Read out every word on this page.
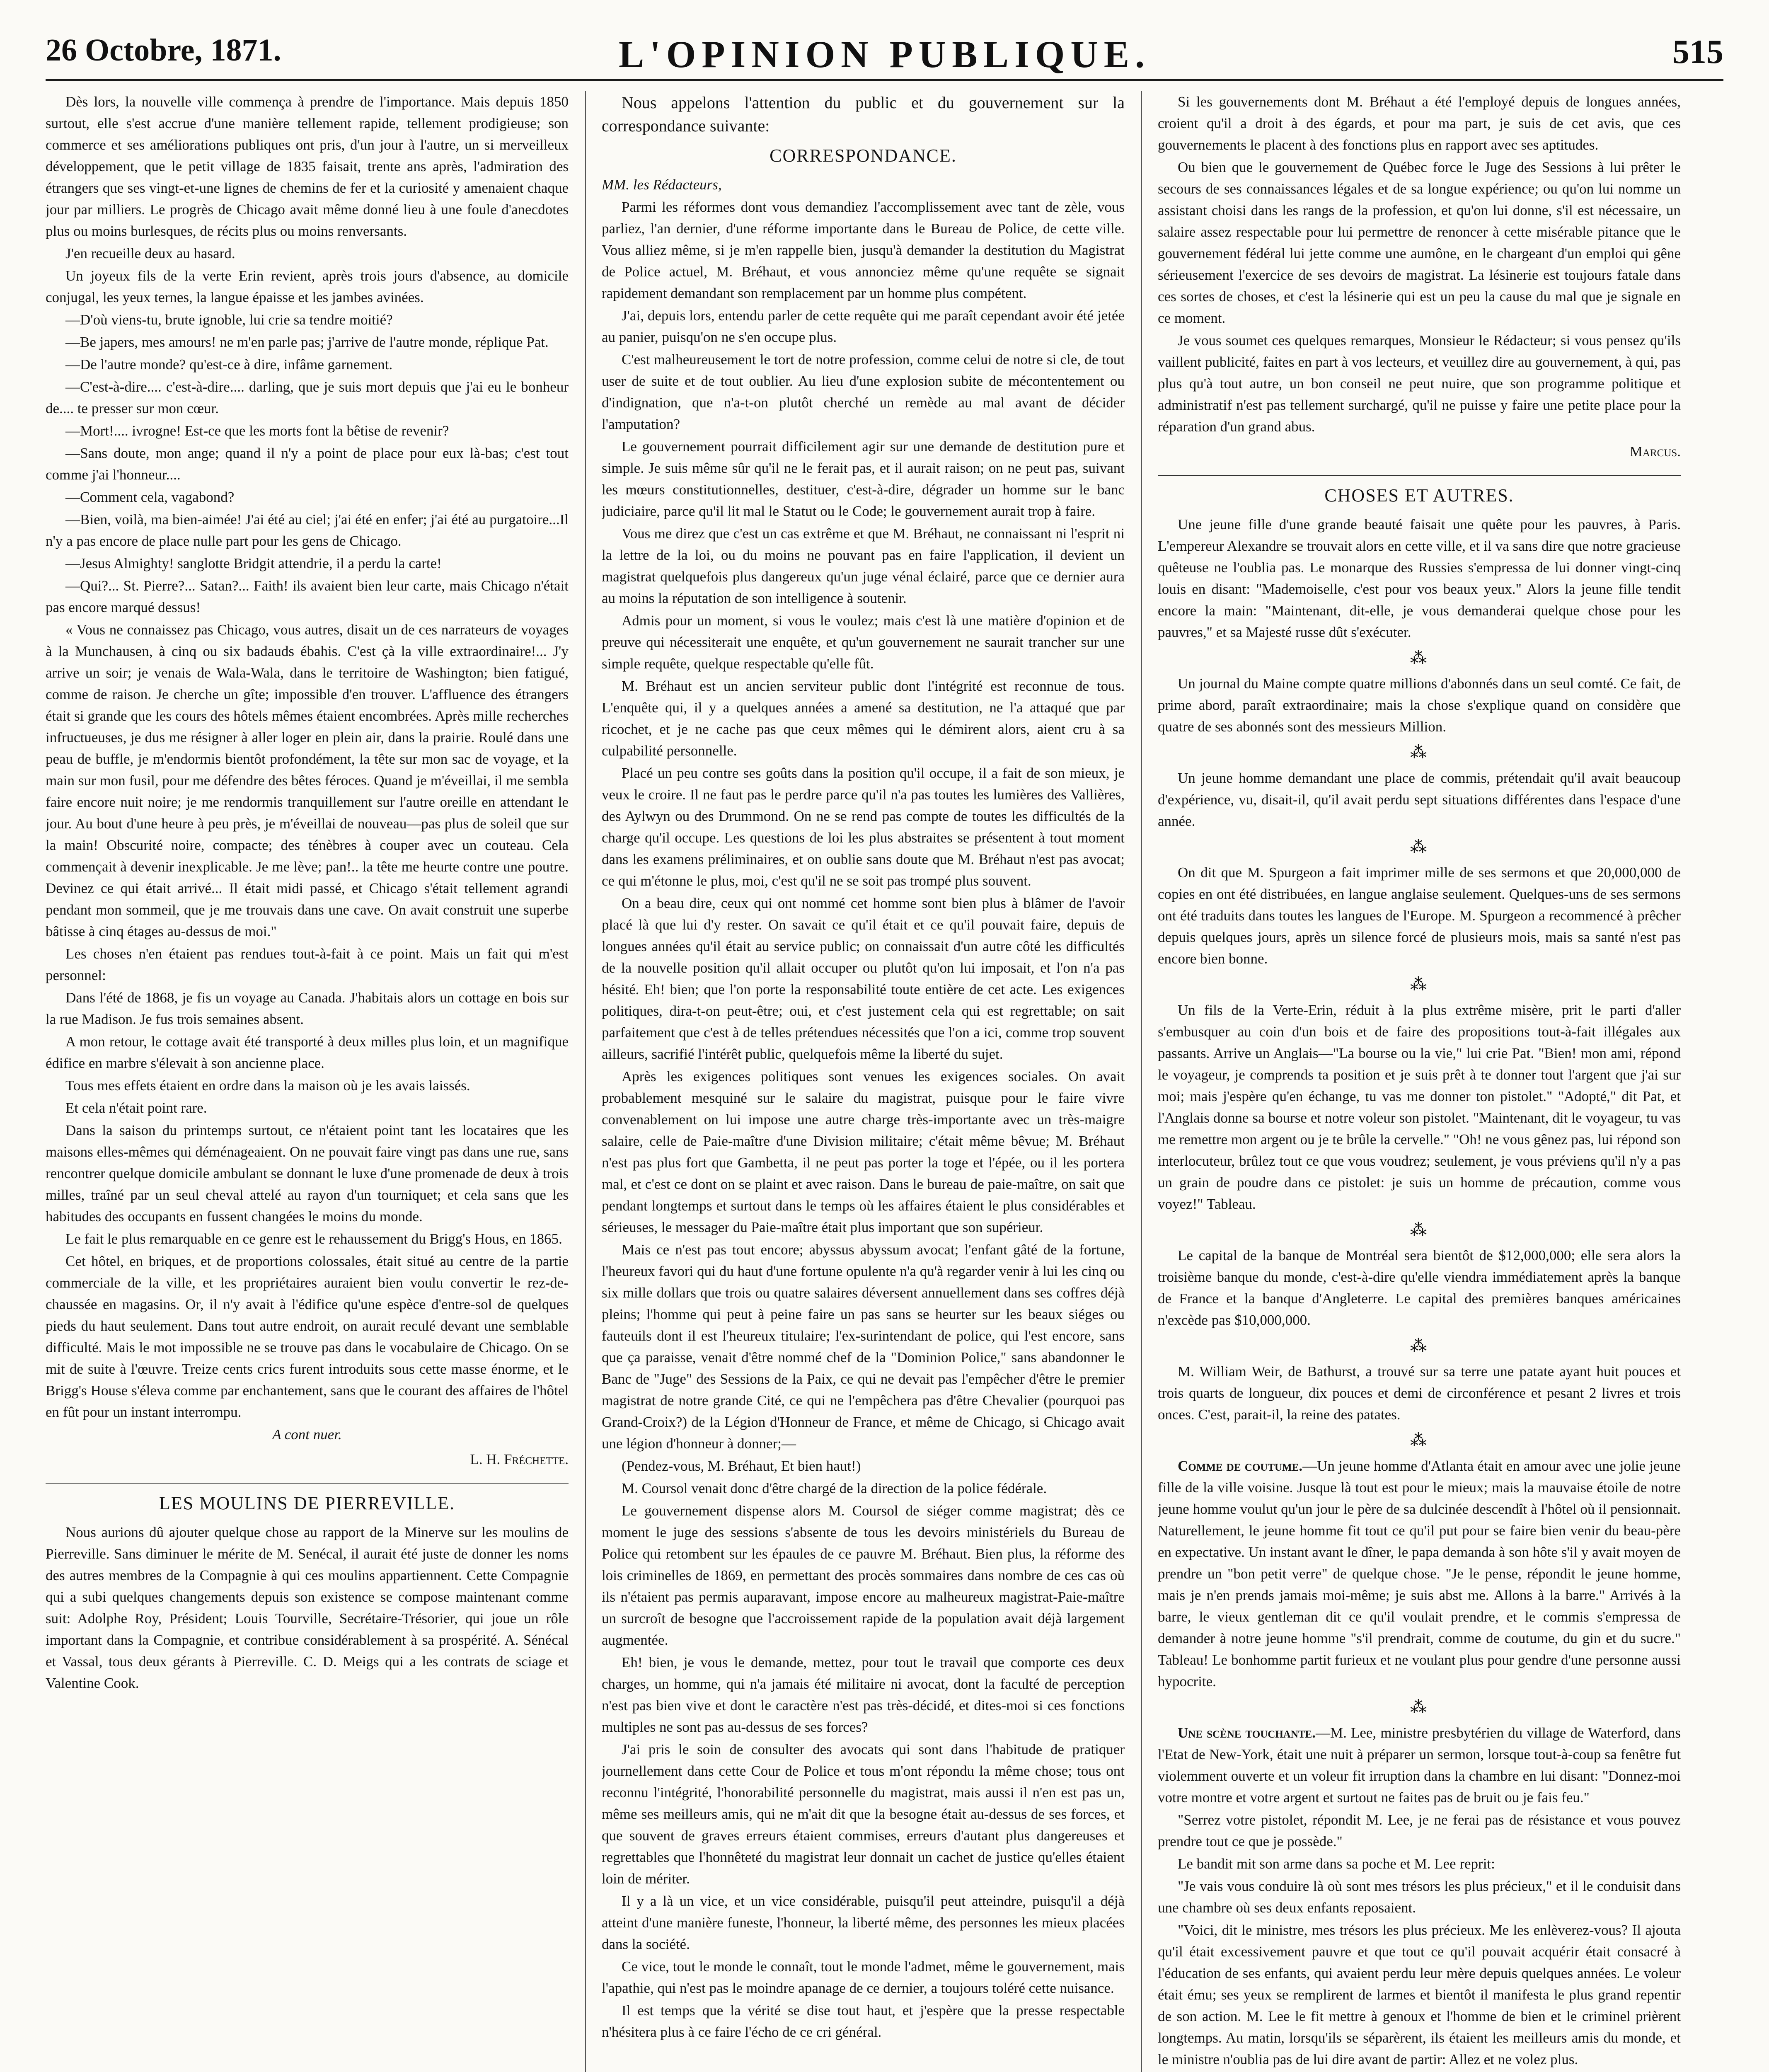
26 Octobre, 1871.	L'OPINION PUBLIQUE.	515

Dès lors, la nouvelle ville commença à prendre de l'importance. Mais depuis 1850 surtout, elle s'est accrue d'une manière tellement rapide, tellement prodigieuse; son commerce et ses améliorations publiques ont pris, d'un jour à l'autre, un si merveilleux développement, que le petit village de 1835 faisait, trente ans après, l'admiration des étrangers que ses vingt-et-une lignes de chemins de fer et la curiosité y amenaient chaque jour par milliers. Le progrès de Chicago avait même donné lieu à une foule d'anecdotes plus ou moins burlesques, de récits plus ou moins renversants.

J'en recueille deux au hasard.

Un joyeux fils de la verte Erin revient, après trois jours d'absence, au domicile conjugal, les yeux ternes, la langue épaisse et les jambes avinées.

—D'où viens-tu, brute ignoble, lui crie sa tendre moitié?

—Be japers, mes amours! ne m'en parle pas; j'arrive de l'autre monde, réplique Pat.

—De l'autre monde? qu'est-ce à dire, infâme garnement.

—C'est-à-dire.... c'est-à-dire.... darling, que je suis mort depuis que j'ai eu le bonheur de.... te presser sur mon cœur.

—Mort!.... ivrogne! Est-ce que les morts font la bêtise de revenir?

—Sans doute, mon ange; quand il n'y a point de place pour eux là-bas; c'est tout comme j'ai l'honneur....

—Comment cela, vagabond?

—Bien, voilà, ma bien-aimée! J'ai été au ciel; j'ai été en enfer; j'ai été au purgatoire...Il n'y a pas encore de place nulle part pour les gens de Chicago.

—Jesus Almighty! sanglotte Bridgit attendrie, il a perdu la carte!

—Qui?... St. Pierre?... Satan?... Faith! ils avaient bien leur carte, mais Chicago n'était pas encore marqué dessus!

« Vous ne connaissez pas Chicago, vous autres, disait un de ces narrateurs de voyages à la Munchausen, à cinq ou six badauds ébahis. C'est çà la ville extraordinaire!... J'y arrive un soir; je venais de Wala-Wala, dans le territoire de Washington; bien fatigué, comme de raison. Je cherche un gîte; impossible d'en trouver. L'affluence des étrangers était si grande que les cours des hôtels mêmes étaient encombrées. Après mille recherches infructueuses, je dus me résigner à aller loger en plein air, dans la prairie. Roulé dans une peau de buffle, je m'endormis bientôt profondément, la tête sur mon sac de voyage, et la main sur mon fusil, pour me défendre des bêtes féroces. Quand je m'éveillai, il me sembla faire encore nuit noire; je me rendormis tranquillement sur l'autre oreille en attendant le jour. Au bout d'une heure à peu près, je m'éveillai de nouveau—pas plus de soleil que sur la main! Obscurité noire, compacte; des ténèbres à couper avec un couteau. Cela commençait à devenir inexplicable. Je me lève; pan!.. la tête me heurte contre une poutre. Devinez ce qui était arrivé... Il était midi passé, et Chicago s'était tellement agrandi pendant mon sommeil, que je me trouvais dans une cave. On avait construit une superbe bâtisse à cinq étages au-dessus de moi."

Les choses n'en étaient pas rendues tout-à-fait à ce point. Mais un fait qui m'est personnel:

Dans l'été de 1868, je fis un voyage au Canada. J'habitais alors un cottage en bois sur la rue Madison. Je fus trois semaines absent.

A mon retour, le cottage avait été transporté à deux milles plus loin, et un magnifique édifice en marbre s'élevait à son ancienne place.

Tous mes effets étaient en ordre dans la maison où je les avais laissés.

Et cela n'était point rare.

Dans la saison du printemps surtout, ce n'étaient point tant les locataires que les maisons elles-mêmes qui déménageaient. On ne pouvait faire vingt pas dans une rue, sans rencontrer quelque domicile ambulant se donnant le luxe d'une promenade de deux à trois milles, traîné par un seul cheval attelé au rayon d'un tourniquet; et cela sans que les habitudes des occupants en fussent changées le moins du monde.

Le fait le plus remarquable en ce genre est le rehaussement du Brigg's Hous, en 1865.

Cet hôtel, en briques, et de proportions colossales, était situé au centre de la partie commerciale de la ville, et les propriétaires auraient bien voulu convertir le rez-de-chaussée en magasins. Or, il n'y avait à l'édifice qu'une espèce d'entre-sol de quelques pieds du haut seulement. Dans tout autre endroit, on aurait reculé devant une semblable difficulté. Mais le mot impossible ne se trouve pas dans le vocabulaire de Chicago. On se mit de suite à l'œuvre. Treize cents crics furent introduits sous cette masse énorme, et le Brigg's House s'éleva comme par enchantement, sans que le courant des affaires de l'hôtel en fût pour un instant interrompu.

A cont nuer.

L. H. Fréchette.

LES MOULINS DE PIERREVILLE.

Nous aurions dû ajouter quelque chose au rapport de la Minerve sur les moulins de Pierreville. Sans diminuer le mérite de M. Senécal, il aurait été juste de donner les noms des autres membres de la Compagnie à qui ces moulins appartiennent. Cette Compagnie qui a subi quelques changements depuis son existence se compose maintenant comme suit: Adolphe Roy, Président; Louis Tourville, Secrétaire-Trésorier, qui joue un rôle important dans la Compagnie, et contribue considérablement à sa prospérité. A. Sénécal et Vassal, tous deux gérants à Pierreville. C. D. Meigs qui a les contrats de sciage et Valentine Cook.

Nous appelons l'attention du public et du gouvernement sur la correspondance suivante:

CORRESPONDANCE.

MM. les Rédacteurs,

Parmi les réformes dont vous demandiez l'accomplissement avec tant de zèle, vous parliez, l'an dernier, d'une réforme importante dans le Bureau de Police, de cette ville. Vous alliez même, si je m'en rappelle bien, jusqu'à demander la destitution du Magistrat de Police actuel, M. Bréhaut, et vous annonciez même qu'une requête se signait rapidement demandant son remplacement par un homme plus compétent.

J'ai, depuis lors, entendu parler de cette requête qui me paraît cependant avoir été jetée au panier, puisqu'on ne s'en occupe plus.

C'est malheureusement le tort de notre profession, comme celui de notre si cle, de tout user de suite et de tout oublier. Au lieu d'une explosion subite de mécontentement ou d'indignation, que n'a-t-on plutôt cherché un remède au mal avant de décider l'amputation?

Le gouvernement pourrait difficilement agir sur une demande de destitution pure et simple. Je suis même sûr qu'il ne le ferait pas, et il aurait raison; on ne peut pas, suivant les mœurs constitutionnelles, destituer, c'est-à-dire, dégrader un homme sur le banc judiciaire, parce qu'il lit mal le Statut ou le Code; le gouvernement aurait trop à faire.

Vous me direz que c'est un cas extrême et que M. Bréhaut, ne connaissant ni l'esprit ni la lettre de la loi, ou du moins ne pouvant pas en faire l'application, il devient un magistrat quelquefois plus dangereux qu'un juge vénal éclairé, parce que ce dernier aura au moins la réputation de son intelligence à soutenir.

Admis pour un moment, si vous le voulez; mais c'est là une matière d'opinion et de preuve qui nécessiterait une enquête, et qu'un gouvernement ne saurait trancher sur une simple requête, quelque respectable qu'elle fût.

M. Bréhaut est un ancien serviteur public dont l'intégrité est reconnue de tous. L'enquête qui, il y a quelques années a amené sa destitution, ne l'a attaqué que par ricochet, et je ne cache pas que ceux mêmes qui le démirent alors, aient cru à sa culpabilité personnelle.

Placé un peu contre ses goûts dans la position qu'il occupe, il a fait de son mieux, je veux le croire. Il ne faut pas le perdre parce qu'il n'a pas toutes les lumières des Vallières, des Aylwyn ou des Drummond. On ne se rend pas compte de toutes les difficultés de la charge qu'il occupe. Les questions de loi les plus abstraites se présentent à tout moment dans les examens préliminaires, et on oublie sans doute que M. Bréhaut n'est pas avocat; ce qui m'étonne le plus, moi, c'est qu'il ne se soit pas trompé plus souvent.

On a beau dire, ceux qui ont nommé cet homme sont bien plus à blâmer de l'avoir placé là que lui d'y rester. On savait ce qu'il était et ce qu'il pouvait faire, depuis de longues années qu'il était au service public; on connaissait d'un autre côté les difficultés de la nouvelle position qu'il allait occuper ou plutôt qu'on lui imposait, et l'on n'a pas hésité. Eh! bien; que l'on porte la responsabilité toute entière de cet acte. Les exigences politiques, dira-t-on peut-être; oui, et c'est justement cela qui est regrettable; on sait parfaitement que c'est à de telles prétendues nécessités que l'on a ici, comme trop souvent ailleurs, sacrifié l'intérêt public, quelquefois même la liberté du sujet.

Après les exigences politiques sont venues les exigences sociales. On avait probablement mesquiné sur le salaire du magistrat, puisque pour le faire vivre convenablement on lui impose une autre charge très-importante avec un très-maigre salaire, celle de Paie-maître d'une Division militaire; c'était même bêvue; M. Bréhaut n'est pas plus fort que Gambetta, il ne peut pas porter la toge et l'épée, ou il les portera mal, et c'est ce dont on se plaint et avec raison. Dans le bureau de paie-maître, on sait que pendant longtemps et surtout dans le temps où les affaires étaient le plus considérables et sérieuses, le messager du Paie-maître était plus important que son supérieur.

Mais ce n'est pas tout encore; abyssus abyssum avocat; l'enfant gâté de la fortune, l'heureux favori qui du haut d'une fortune opulente n'a qu'à regarder venir à lui les cinq ou six mille dollars que trois ou quatre salaires déversent annuellement dans ses coffres déjà pleins; l'homme qui peut à peine faire un pas sans se heurter sur les beaux siéges ou fauteuils dont il est l'heureux titulaire; l'ex-surintendant de police, qui l'est encore, sans que ça paraisse, venait d'être nommé chef de la "Dominion Police," sans abandonner le Banc de "Juge" des Sessions de la Paix, ce qui ne devait pas l'empêcher d'être le premier magistrat de notre grande Cité, ce qui ne l'empêchera pas d'être Chevalier (pourquoi pas Grand-Croix?) de la Légion d'Honneur de France, et même de Chicago, si Chicago avait une légion d'honneur à donner;—

(Pendez-vous, M. Bréhaut, Et bien haut!)

M. Coursol venait donc d'être chargé de la direction de la police fédérale.

Le gouvernement dispense alors M. Coursol de siéger comme magistrat; dès ce moment le juge des sessions s'absente de tous les devoirs ministériels du Bureau de Police qui retombent sur les épaules de ce pauvre M. Bréhaut. Bien plus, la réforme des lois criminelles de 1869, en permettant des procès sommaires dans nombre de ces cas où ils n'étaient pas permis auparavant, impose encore au malheureux magistrat-Paie-maître un surcroît de besogne que l'accroissement rapide de la population avait déjà largement augmentée.

Eh! bien, je vous le demande, mettez, pour tout le travail que comporte ces deux charges, un homme, qui n'a jamais été militaire ni avocat, dont la faculté de perception n'est pas bien vive et dont le caractère n'est pas très-décidé, et dites-moi si ces fonctions multiples ne sont pas au-dessus de ses forces?

J'ai pris le soin de consulter des avocats qui sont dans l'habitude de pratiquer journellement dans cette Cour de Police et tous m'ont répondu la même chose; tous ont reconnu l'intégrité, l'honorabilité personnelle du magistrat, mais aussi il n'en est pas un, même ses meilleurs amis, qui ne m'ait dit que la besogne était au-dessus de ses forces, et que souvent de graves erreurs étaient commises, erreurs d'autant plus dangereuses et regrettables que l'honnêteté du magistrat leur donnait un cachet de justice qu'elles étaient loin de mériter.

Il y a là un vice, et un vice considérable, puisqu'il peut atteindre, puisqu'il a déjà atteint d'une manière funeste, l'honneur, la liberté même, des personnes les mieux placées dans la société.

Ce vice, tout le monde le connaît, tout le monde l'admet, même le gouvernement, mais l'apathie, qui n'est pas le moindre apanage de ce dernier, a toujours toléré cette nuisance.

Il est temps que la vérité se dise tout haut, et j'espère que la presse respectable n'hésitera plus à ce faire l'écho de ce cri général.

Si les gouvernements dont M. Bréhaut a été l'employé depuis de longues années, croient qu'il a droit à des égards, et pour ma part, je suis de cet avis, que ces gouvernements le placent à des fonctions plus en rapport avec ses aptitudes.

Ou bien que le gouvernement de Québec force le Juge des Sessions à lui prêter le secours de ses connaissances légales et de sa longue expérience; ou qu'on lui nomme un assistant choisi dans les rangs de la profession, et qu'on lui donne, s'il est nécessaire, un salaire assez respectable pour lui permettre de renoncer à cette misérable pitance que le gouvernement fédéral lui jette comme une aumône, en le chargeant d'un emploi qui gêne sérieusement l'exercice de ses devoirs de magistrat. La lésinerie est toujours fatale dans ces sortes de choses, et c'est la lésinerie qui est un peu la cause du mal que je signale en ce moment.

Je vous soumet ces quelques remarques, Monsieur le Rédacteur; si vous pensez qu'ils vaillent publicité, faites en part à vos lecteurs, et veuillez dire au gouvernement, à qui, pas plus qu'à tout autre, un bon conseil ne peut nuire, que son programme politique et administratif n'est pas tellement surchargé, qu'il ne puisse y faire une petite place pour la réparation d'un grand abus.

Marcus.

CHOSES ET AUTRES.

Une jeune fille d'une grande beauté faisait une quête pour les pauvres, à Paris. L'empereur Alexandre se trouvait alors en cette ville, et il va sans dire que notre gracieuse quêteuse ne l'oublia pas. Le monarque des Russies s'empressa de lui donner vingt-cinq louis en disant: "Mademoiselle, c'est pour vos beaux yeux." Alors la jeune fille tendit encore la main: "Maintenant, dit-elle, je vous demanderai quelque chose pour les pauvres," et sa Majesté russe dût s'exécuter.

⁂

Un journal du Maine compte quatre millions d'abonnés dans un seul comté. Ce fait, de prime abord, paraît extraordinaire; mais la chose s'explique quand on considère que quatre de ses abonnés sont des messieurs Million.

⁂

Un jeune homme demandant une place de commis, prétendait qu'il avait beaucoup d'expérience, vu, disait-il, qu'il avait perdu sept situations différentes dans l'espace d'une année.

⁂

On dit que M. Spurgeon a fait imprimer mille de ses sermons et que 20,000,000 de copies en ont été distribuées, en langue anglaise seulement. Quelques-uns de ses sermons ont été traduits dans toutes les langues de l'Europe. M. Spurgeon a recommencé à prêcher depuis quelques jours, après un silence forcé de plusieurs mois, mais sa santé n'est pas encore bien bonne.

⁂

Un fils de la Verte-Erin, réduit à la plus extrême misère, prit le parti d'aller s'embusquer au coin d'un bois et de faire des propositions tout-à-fait illégales aux passants. Arrive un Anglais—"La bourse ou la vie," lui crie Pat. "Bien! mon ami, répond le voyageur, je comprends ta position et je suis prêt à te donner tout l'argent que j'ai sur moi; mais j'espère qu'en échange, tu vas me donner ton pistolet." "Adopté," dit Pat, et l'Anglais donne sa bourse et notre voleur son pistolet. "Maintenant, dit le voyageur, tu vas me remettre mon argent ou je te brûle la cervelle." "Oh! ne vous gênez pas, lui répond son interlocuteur, brûlez tout ce que vous voudrez; seulement, je vous préviens qu'il n'y a pas un grain de poudre dans ce pistolet: je suis un homme de précaution, comme vous voyez!" Tableau.

⁂

Le capital de la banque de Montréal sera bientôt de $12,000,000; elle sera alors la troisième banque du monde, c'est-à-dire qu'elle viendra immédiatement après la banque de France et la banque d'Angleterre. Le capital des premières banques américaines n'excède pas $10,000,000.

⁂

M. William Weir, de Bathurst, a trouvé sur sa terre une patate ayant huit pouces et trois quarts de longueur, dix pouces et demi de circonférence et pesant 2 livres et trois onces. C'est, parait-il, la reine des patates.

⁂

Comme de coutume.—Un jeune homme d'Atlanta était en amour avec une jolie jeune fille de la ville voisine. Jusque là tout est pour le mieux; mais la mauvaise étoile de notre jeune homme voulut qu'un jour le père de sa dulcinée descendît à l'hôtel où il pensionnait. Naturellement, le jeune homme fit tout ce qu'il put pour se faire bien venir du beau-père en expectative. Un instant avant le dîner, le papa demanda à son hôte s'il y avait moyen de prendre un "bon petit verre" de quelque chose. "Je le pense, répondit le jeune homme, mais je n'en prends jamais moi-même; je suis abst me. Allons à la barre." Arrivés à la barre, le vieux gentleman dit ce qu'il voulait prendre, et le commis s'empressa de demander à notre jeune homme "s'il prendrait, comme de coutume, du gin et du sucre." Tableau! Le bonhomme partit furieux et ne voulant plus pour gendre d'une personne aussi hypocrite.

⁂

Une scène touchante.—M. Lee, ministre presbytérien du village de Waterford, dans l'Etat de New-York, était une nuit à préparer un sermon, lorsque tout-à-coup sa fenêtre fut violemment ouverte et un voleur fit irruption dans la chambre en lui disant: "Donnez-moi votre montre et votre argent et surtout ne faites pas de bruit ou je fais feu."

"Serrez votre pistolet, répondit M. Lee, je ne ferai pas de résistance et vous pouvez prendre tout ce que je possède."

Le bandit mit son arme dans sa poche et M. Lee reprit:

"Je vais vous conduire là où sont mes trésors les plus précieux," et il le conduisit dans une chambre où ses deux enfants reposaient.

"Voici, dit le ministre, mes trésors les plus précieux. Me les enlèverez-vous? Il ajouta qu'il était excessivement pauvre et que tout ce qu'il pouvait acquérir était consacré à l'éducation de ses enfants, qui avaient perdu leur mère depuis quelques années. Le voleur était ému; ses yeux se remplirent de larmes et bientôt il manifesta le plus grand repentir de son action. M. Lee le fit mettre à genoux et l'homme de bien et le criminel prièrent longtemps. Au matin, lorsqu'ils se séparèrent, ils étaient les meilleurs amis du monde, et le ministre n'oublia pas de lui dire avant de partir: Allez et ne volez plus.
